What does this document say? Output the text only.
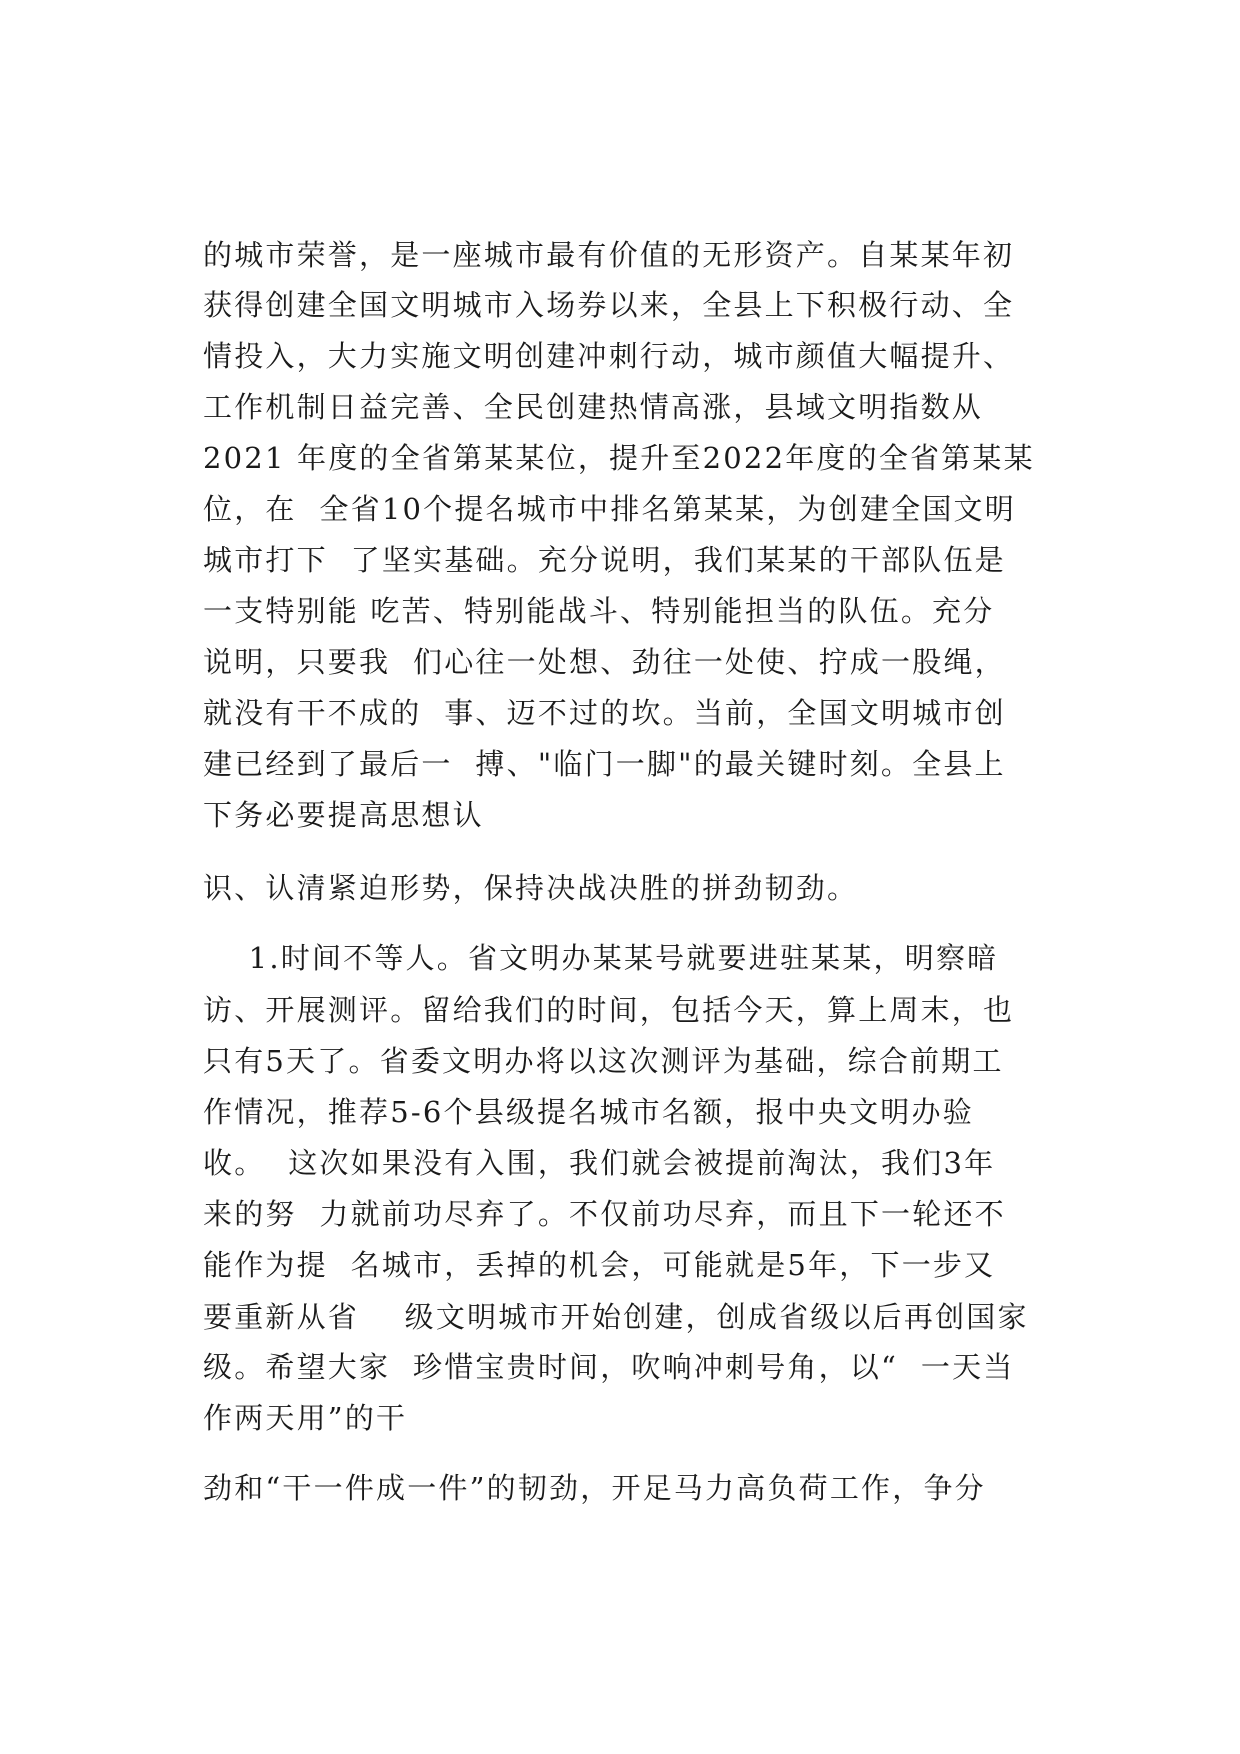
的城市荣誉，是一座城市最有价值的无形资产。自某某年初
获得创建全国文明城市入场券以来，全县上下积极行动、全
情投入，大力实施文明创建冲刺行动，城市颜值大幅提升、
工作机制日益完善、全民创建热情高涨，县域文明指数从
2021 年度的全省第某某位，提升至2022年度的全省第某某
位，在  全省10个提名城市中排名第某某，为创建全国文明
城市打下  了坚实基础。充分说明，我们某某的干部队伍是
一支特别能 吃苦、特别能战斗、特别能担当的队伍。充分
说明，只要我  们心往一处想、劲往一处使、拧成一股绳，
就没有干不成的  事、迈不过的坎。当前，全国文明城市创
建已经到了最后一  搏、"临门一脚"的最关键时刻。全县上
下务必要提高思想认
识、认清紧迫形势，保持决战决胜的拼劲韧劲。
1.时间不等人。省文明办某某号就要进驻某某，明察暗
访、开展测评。留给我们的时间，包括今天，算上周末，也
只有5天了。省委文明办将以这次测评为基础，综合前期工
作情况，推荐5-6个县级提名城市名额，报中央文明办验
收。  这次如果没有入围，我们就会被提前淘汰，我们3年
来的努  力就前功尽弃了。不仅前功尽弃，而且下一轮还不
能作为提  名城市，丢掉的机会，可能就是5年，下一步又
要重新从省    级文明城市开始创建，创成省级以后再创国家
级。希望大家  珍惜宝贵时间，吹响冲刺号角，以“  一天当
作两天用”的干
劲和“干一件成一件”的韧劲，开足马力高负荷工作，争分
